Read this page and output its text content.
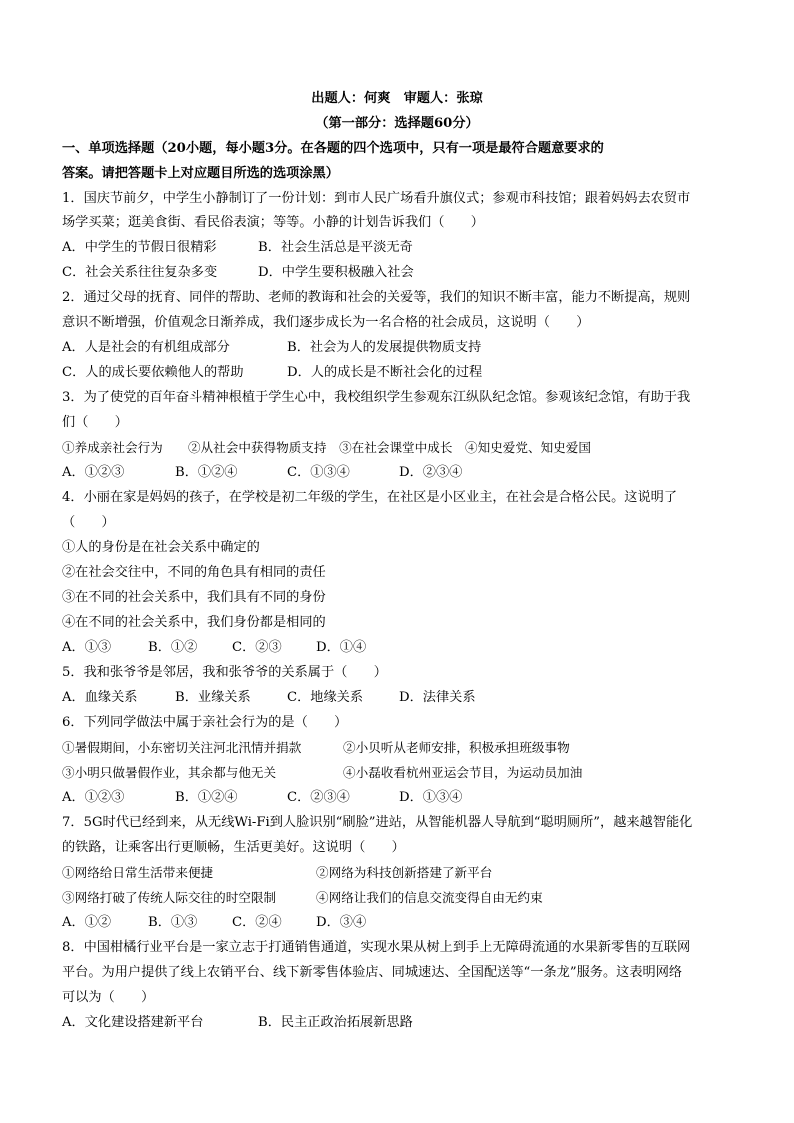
出题人：何爽　审题人：张琼
（第一部分：选择题60分）
一、单项选择题（20小题，每小题3分。在各题的四个选项中，只有一项是最符合题意要求的
答案。请把答题卡上对应题目所选的选项涂黑）
1．国庆节前夕，中学生小静制订了一份计划：到市人民广场看升旗仪式；参观市科技馆；跟着妈妈去农贸市
场学买菜；逛美食街、看民俗表演；等等。小静的计划告诉我们（　　）
A．中学生的节假日很精彩	B．社会生活总是平淡无奇
C．社会关系往往复杂多变	D．中学生要积极融入社会
2．通过父母的抚育、同伴的帮助、老师的教诲和社会的关爱等，我们的知识不断丰富，能力不断提高，规则
意识不断增强，价值观念日渐养成，我们逐步成长为一名合格的社会成员，这说明（　　）
A．人是社会的有机组成部分	B．社会为人的发展提供物质支持
C．人的成长要依赖他人的帮助	D．人的成长是不断社会化的过程
3．为了使党的百年奋斗精神根植于学生心中，我校组织学生参观东江纵队纪念馆。参观该纪念馆，有助于我
们（　　）
①养成亲社会行为　　②从社会中获得物质支持　③在社会课堂中成长　④知史爱党、知史爱国
A．①②③	B．①②④	C．①③④	D．②③④
4．小丽在家是妈妈的孩子，在学校是初二年级的学生，在社区是小区业主，在社会是合格公民。这说明了
（　　）
①人的身份是在社会关系中确定的
②在社会交往中，不同的角色具有相同的责任
③在不同的社会关系中，我们具有不同的身份
④在不同的社会关系中，我们身份都是相同的
A．①③	B．①②	C．②③	D．①④
5．我和张爷爷是邻居，我和张爷爷的关系属于（　　）
A．血缘关系	B．业缘关系	C．地缘关系	D．法律关系
6．下列同学做法中属于亲社会行为的是（　　）
①暑假期间，小东密切关注河北汛情并捐款	②小贝听从老师安排，积极承担班级事物
③小明只做暑假作业，其余都与他无关	④小磊收看杭州亚运会节目，为运动员加油
A．①②③	B．①②④	C．②③④	D．①③④
7．5G时代已经到来，从无线Wi-Fi到人脸识别“刷脸”进站，从智能机器人导航到“聪明厕所”，越来越智能化
的铁路，让乘客出行更顺畅，生活更美好。这说明（　　）
①网络给日常生活带来便捷	②网络为科技创新搭建了新平台
③网络打破了传统人际交往的时空限制	④网络让我们的信息交流变得自由无约束
A．①②	B．①③	C．②④	D．③④
8．中国柑橘行业平台是一家立志于打通销售通道，实现水果从树上到手上无障碍流通的水果新零售的互联网
平台。为用户提供了线上农销平台、线下新零售体验店、同城速达、全国配送等“一条龙”服务。这表明网络
可以为（　　）
A．文化建设搭建新平台	B．民主正政治拓展新思路
